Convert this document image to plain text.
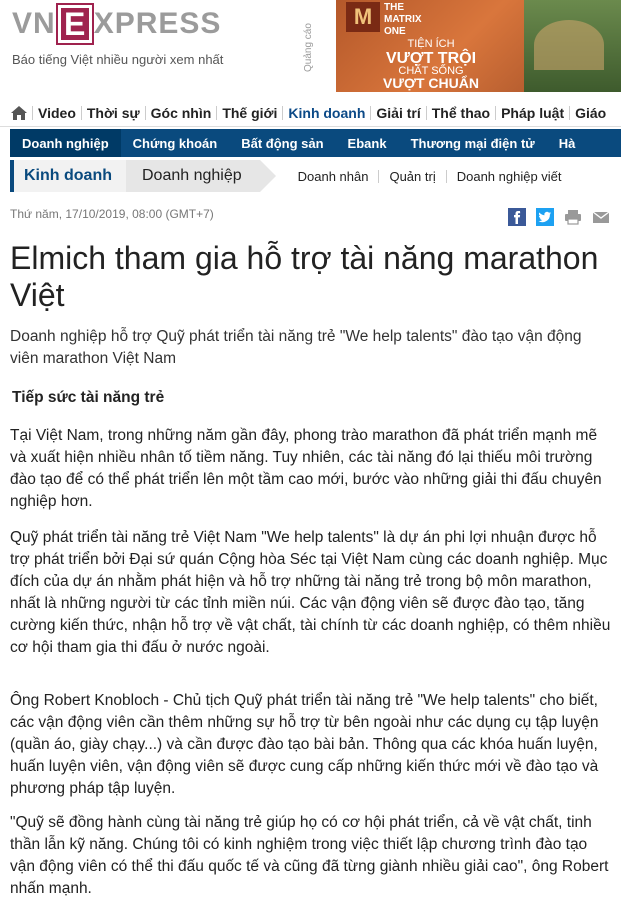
VN E XPRESS
Báo tiếng Việt nhiều người xem nhất	Quảng cáo
M	THE
MATRIX
ONE
TIỆN ÍCH
VƯỢT TRỘI
CHẤT SỐNG
VƯỢT CHUẨN
Video Thời sự Góc nhìn Thế giới Kinh doanh Giải trí Thể thao Pháp luật Giáo
Doanh nghiệp	Chứng khoán	Bất động sản	Ebank	Thương mại điện tử	Hà
Kinh doanh	Doanh nghiệp	Doanh nhân	Quản trị	Doanh nghiệp viết
Thứ năm, 17/10/2019, 08:00 (GMT+7)
Elmich tham gia hỗ trợ tài năng marathon Việt

Doanh nghiệp hỗ trợ Quỹ phát triển tài năng trẻ "We help talents" đào tạo vận động viên marathon Việt Nam

Tiếp sức tài năng trẻ

Tại Việt Nam, trong những năm gần đây, phong trào marathon đã phát triển mạnh mẽ và xuất hiện nhiều nhân tố tiềm năng. Tuy nhiên, các tài năng đó lại thiếu môi trường đào tạo để có thể phát triển lên một tầm cao mới, bước vào những giải thi đấu chuyên nghiệp hơn.

Quỹ phát triển tài năng trẻ Việt Nam "We help talents" là dự án phi lợi nhuận được hỗ trợ phát triển bởi Đại sứ quán Cộng hòa Séc tại Việt Nam cùng các doanh nghiệp. Mục đích của dự án nhằm phát hiện và hỗ trợ những tài năng trẻ trong bộ môn marathon, nhất là những người từ các tỉnh miền núi. Các vận động viên sẽ được đào tạo, tăng cường kiến thức, nhận hỗ trợ về vật chất, tài chính từ các doanh nghiệp, có thêm nhiều cơ hội tham gia thi đấu ở nước ngoài.

Ông Robert Knobloch - Chủ tịch Quỹ phát triển tài năng trẻ "We help talents" cho biết, các vận động viên cần thêm những sự hỗ trợ từ bên ngoài như các dụng cụ tập luyện (quần áo, giày chạy...) và cần được đào tạo bài bản. Thông qua các khóa huấn luyện, huấn luyện viên, vận động viên sẽ được cung cấp những kiến thức mới về đào tạo và phương pháp tập luyện.

"Quỹ sẽ đồng hành cùng tài năng trẻ giúp họ có cơ hội phát triển, cả về vật chất, tinh thần lẫn kỹ năng. Chúng tôi có kinh nghiệm trong việc thiết lập chương trình đào tạo vận động viên có thể thi đấu quốc tế và cũng đã từng giành nhiều giải cao", ông Robert nhấn mạnh.
